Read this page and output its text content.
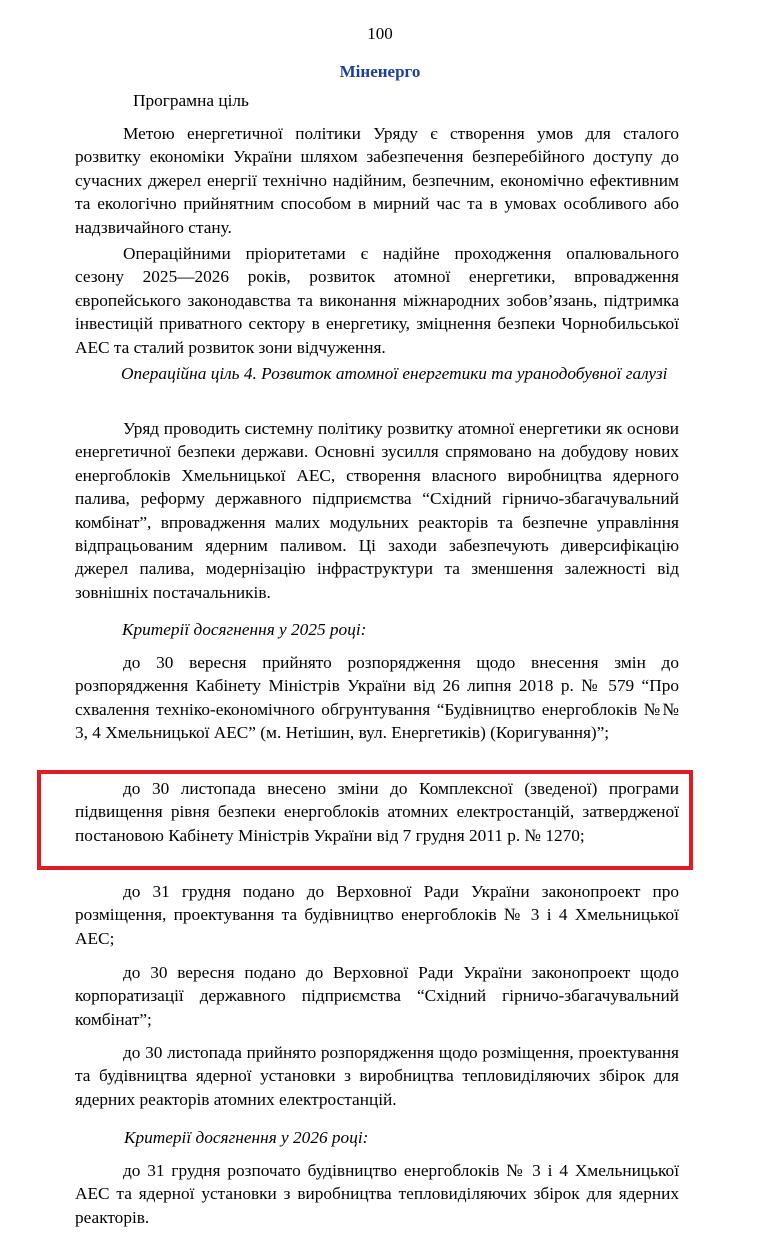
100
Міненерго
Програмна ціль
Метою енергетичної політики Уряду є створення умов для сталого розвитку економіки України шляхом забезпечення безперебійного доступу до сучасних джерел енергії технічно надійним, безпечним, економічно ефективним та екологічно прийнятним способом в мирний час та в умовах особливого або надзвичайного стану.
Операційними пріоритетами є надійне проходження опалювального сезону 2025—2026 років, розвиток атомної енергетики, впровадження європейського законодавства та виконання міжнародних зобов’язань, підтримка інвестицій приватного сектору в енергетику, зміцнення безпеки Чорнобильської АЕС та сталий розвиток зони відчуження.
Операційна ціль 4. Розвиток атомної енергетики та уранодобувної галузі
Уряд проводить системну політику розвитку атомної енергетики як основи енергетичної безпеки держави. Основні зусилля спрямовано на добудову нових енергоблоків Хмельницької АЕС, створення власного виробництва ядерного палива, реформу державного підприємства “Східний гірничо-збагачувальний комбінат”, впровадження малих модульних реакторів та безпечне управління відпрацьованим ядерним паливом. Ці заходи забезпечують диверсифікацію джерел палива, модернізацію інфраструктури та зменшення залежності від зовнішніх постачальників.
Критерії досягнення у 2025 році:
до 30 вересня прийнято розпорядження щодо внесення змін до розпорядження Кабінету Міністрів України від 26 липня 2018 р. № 579 “Про схвалення техніко-економічного обгрунтування “Будівництво енергоблоків №№ 3, 4 Хмельницької АЕС” (м. Нетішин, вул. Енергетиків) (Коригування)”;
до 30 листопада внесено зміни до Комплексної (зведеної) програми підвищення рівня безпеки енергоблоків атомних електростанцій, затвердженої постановою Кабінету Міністрів України від 7 грудня 2011 р. № 1270;
до 31 грудня подано до Верховної Ради України законопроект про розміщення, проектування та будівництво енергоблоків № 3 і 4 Хмельницької АЕС;
до 30 вересня подано до Верховної Ради України законопроект щодо корпоратизації державного підприємства “Східний гірничо-збагачувальний комбінат”;
до 30 листопада прийнято розпорядження щодо розміщення, проектування та будівництва ядерної установки з виробництва тепловиділяючих збірок для ядерних реакторів атомних електростанцій.
Критерії досягнення у 2026 році:
до 31 грудня розпочато будівництво енергоблоків № 3 і 4 Хмельницької АЕС та ядерної установки з виробництва тепловиділяючих збірок для ядерних реакторів.
